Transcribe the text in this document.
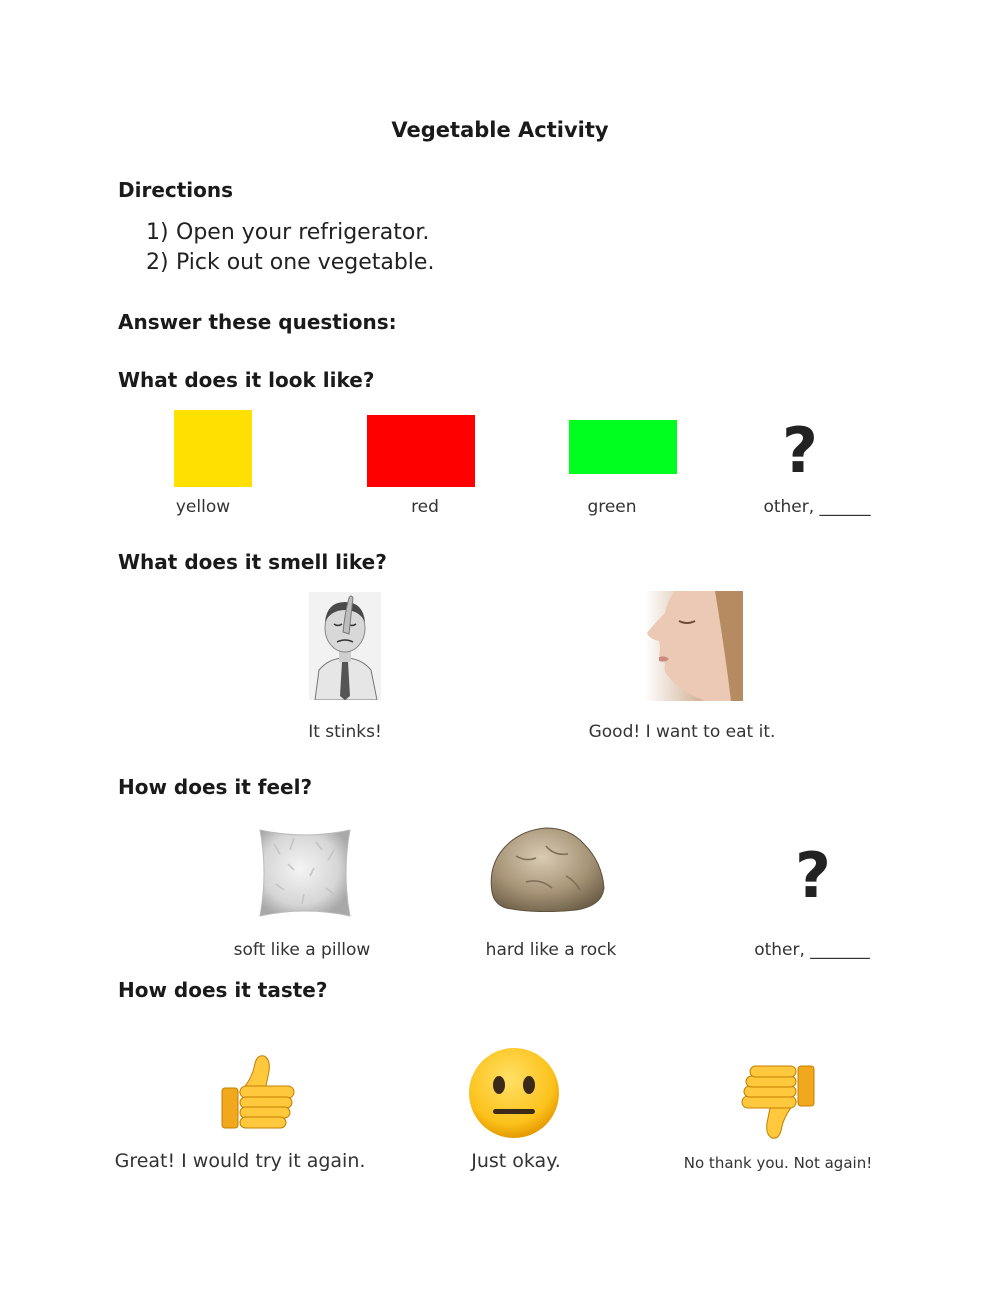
Vegetable Activity
Directions
1) Open your refrigerator.
2) Pick out one vegetable.
Answer these questions:
What does it look like?
yellow	red	green
?
other, ______
What does it smell like?
It stinks!	Good! I want to eat it.
How does it feel?
soft like a pillow	hard like a rock
?
other, _______
How does it taste?
Great! I would try it again.	Just okay.	No thank you. Not again!
